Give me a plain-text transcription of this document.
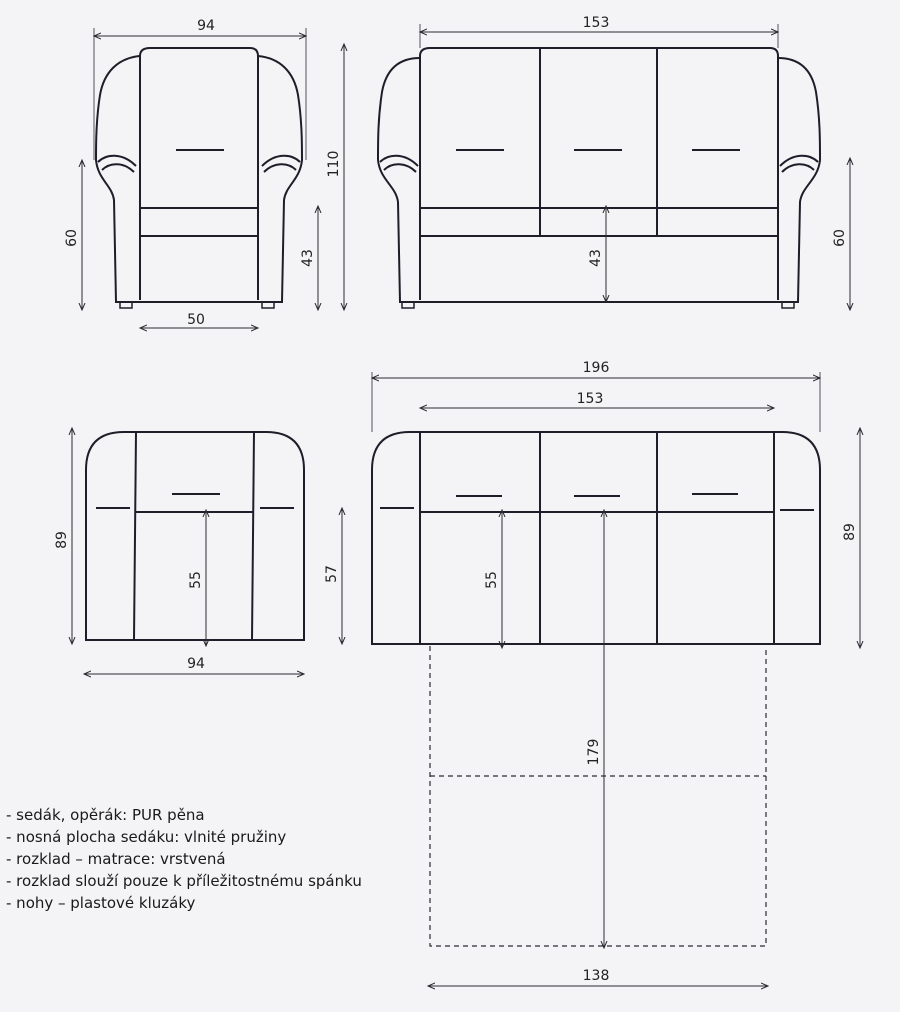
94
60
43
50
153
110
43
60
89
55
94
196
153
57	55
89
179
138
- sedák, opěrák: PUR pěna
- nosná plocha sedáku: vlnité pružiny
- rozklad – matrace: vrstvená
- rozklad slouží pouze k příležitostnému spánku
- nohy – plastové kluzáky
